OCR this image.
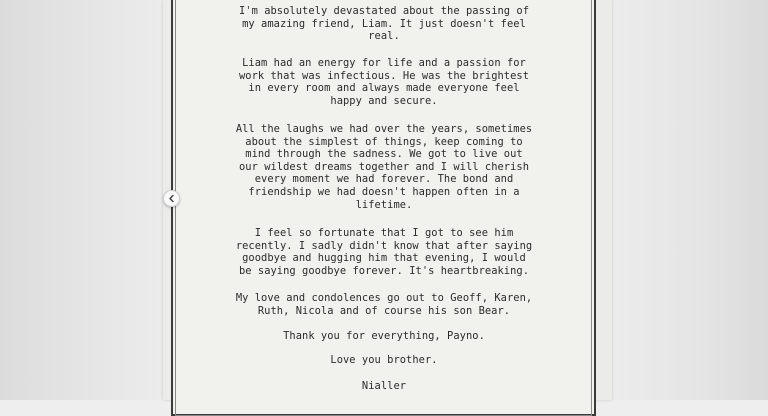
I'm absolutely devastated about the passing of
my amazing friend, Liam. It just doesn't feel
real.

Liam had an energy for life and a passion for
work that was infectious. He was the brightest
in every room and always made everyone feel
happy and secure.

All the laughs we had over the years, sometimes
about the simplest of things, keep coming to
mind through the sadness. We got to live out
our wildest dreams together and I will cherish
every moment we had forever. The bond and
friendship we had doesn't happen often in a
lifetime.

I feel so fortunate that I got to see him
recently. I sadly didn't know that after saying
goodbye and hugging him that evening, I would
be saying goodbye forever. It's heartbreaking.

My love and condolences go out to Geoff, Karen,
Ruth, Nicola and of course his son Bear.

Thank you for everything, Payno.

Love you brother.

Nialler
